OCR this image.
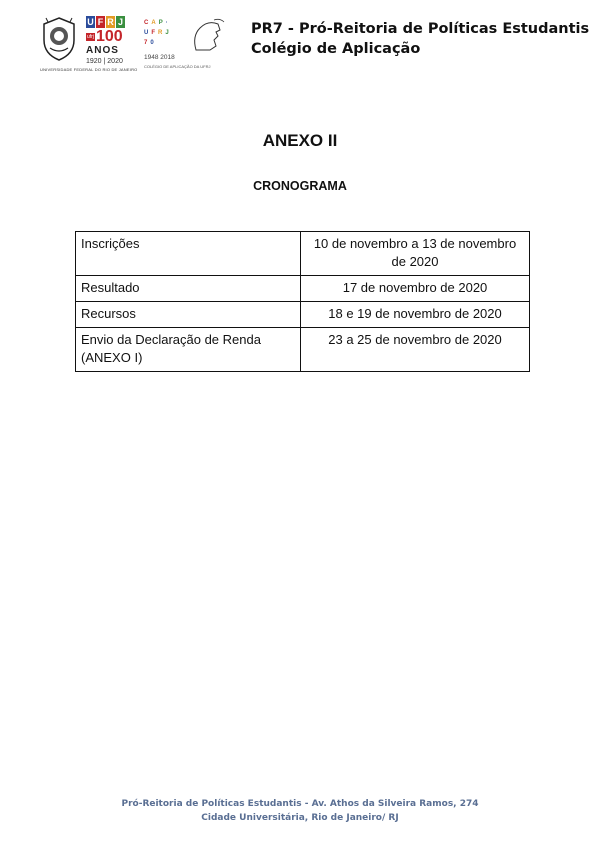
UNIVERSIDADE FEDERAL DO RIO DE JANEIRO
U F R J
ufrj 100
ANOS
1920 | 2020
CAP·
UFRJ
70
1948 2018
COLÉGIO DE APLICAÇÃO DA UFRJ
PR7 - Pró-Reitoria de Políticas Estudantis
Colégio de Aplicação
ANEXO II
CRONOGRAMA
Inscrições	10 de novembro a 13 de novembro de 2020
Resultado	17 de novembro de 2020
Recursos	18 e 19 de novembro de 2020
Envio da Declaração de Renda (ANEXO I)	23 a 25 de novembro de 2020
Pró-Reitoria de Políticas Estudantis - Av. Athos da Silveira Ramos, 274
Cidade Universitária, Rio de Janeiro/ RJ
